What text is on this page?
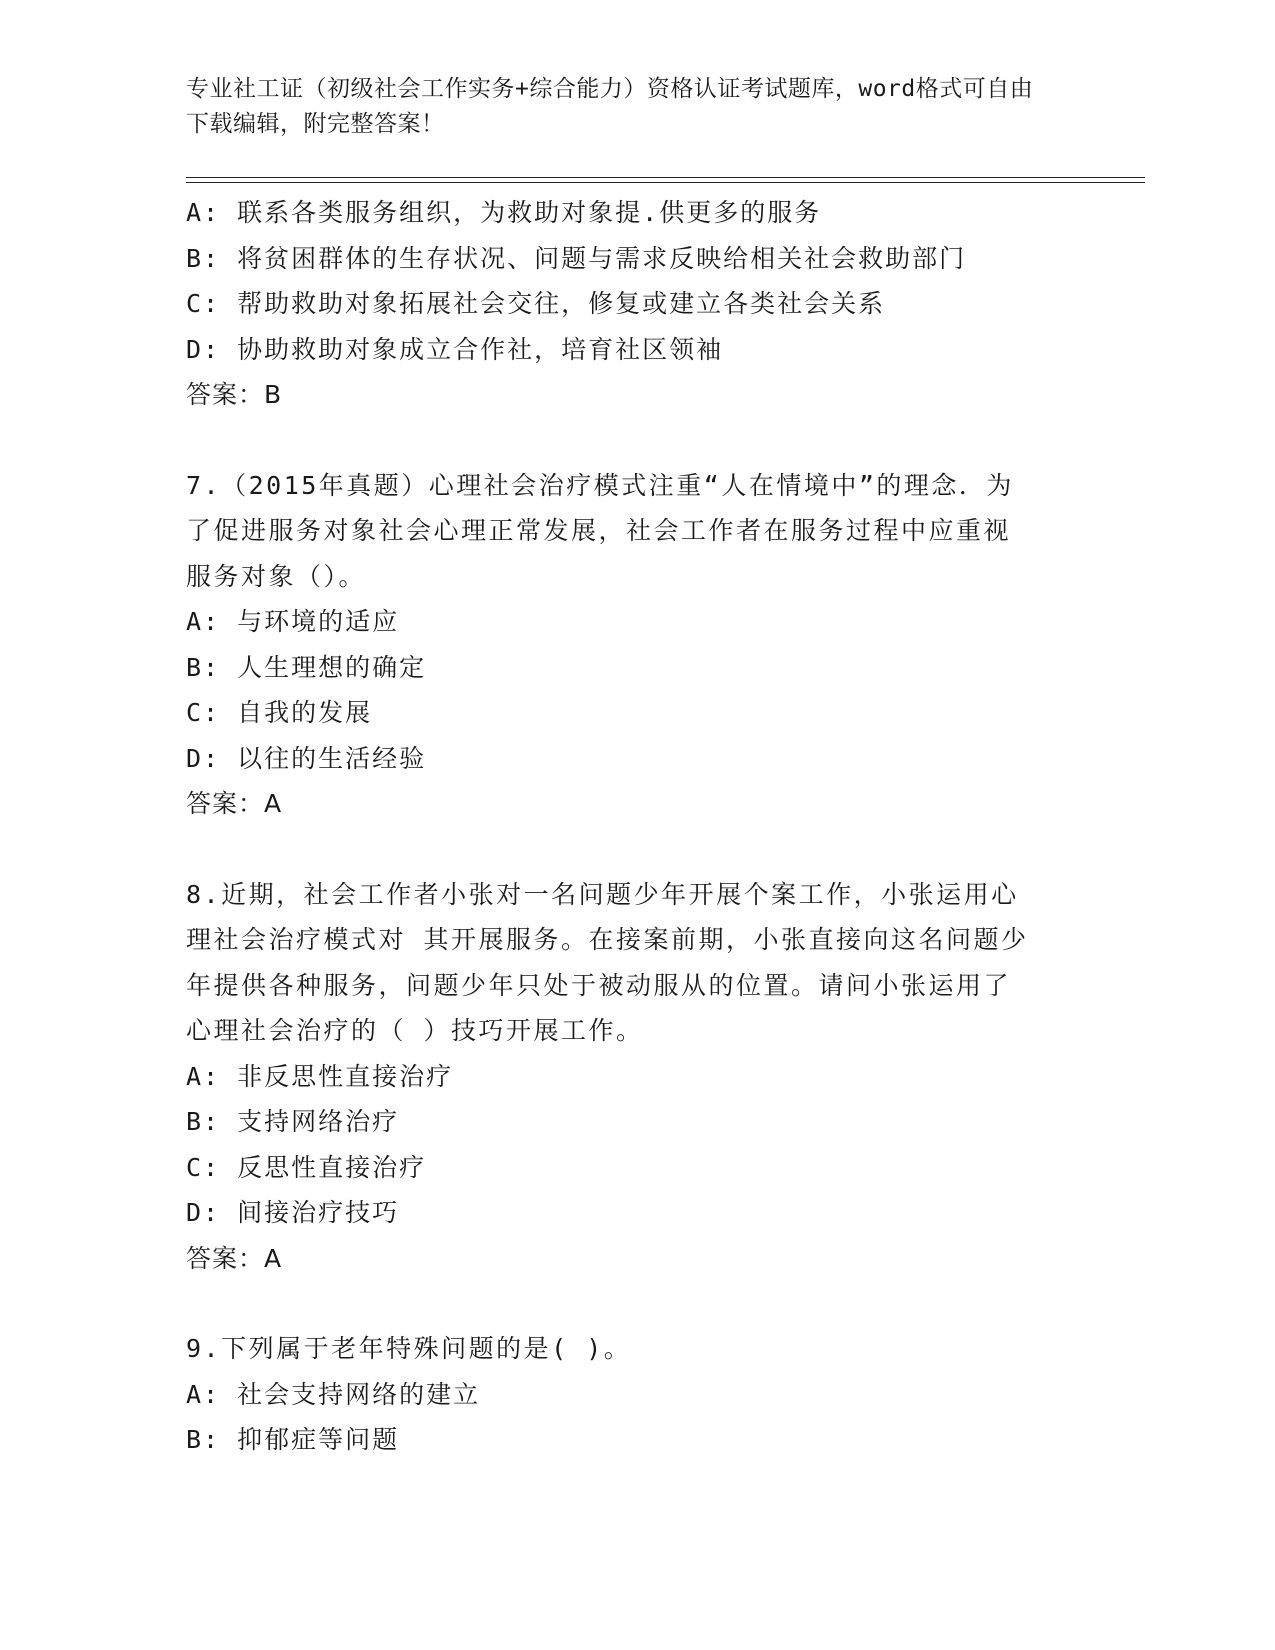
专业社工证（初级社会工作实务+综合能力）资格认证考试题库，word格式可自由
下载编辑，附完整答案！
A: 联系各类服务组织，为救助对象提.供更多的服务
B: 将贫困群体的生存状况、问题与需求反映给相关社会救助部门
C: 帮助救助对象拓展社会交往，修复或建立各类社会关系
D: 协助救助对象成立合作社，培育社区领袖
答案：B
7.（2015年真题）心理社会治疗模式注重“人在情境中”的理念．为
了促进服务对象社会心理正常发展，社会工作者在服务过程中应重视
服务对象（）。
A: 与环境的适应
B: 人生理想的确定
C: 自我的发展
D: 以往的生活经验
答案：A
8.近期，社会工作者小张对一名问题少年开展个案工作，小张运用心
理社会治疗模式对 其开展服务。在接案前期，小张直接向这名问题少
年提供各种服务，问题少年只处于被动服从的位置。请问小张运用了
心理社会治疗的（ ）技巧开展工作。
A: 非反思性直接治疗
B: 支持网络治疗
C: 反思性直接治疗
D: 间接治疗技巧
答案：A
9.下列属于老年特殊问题的是( )。
A: 社会支持网络的建立
B: 抑郁症等问题
